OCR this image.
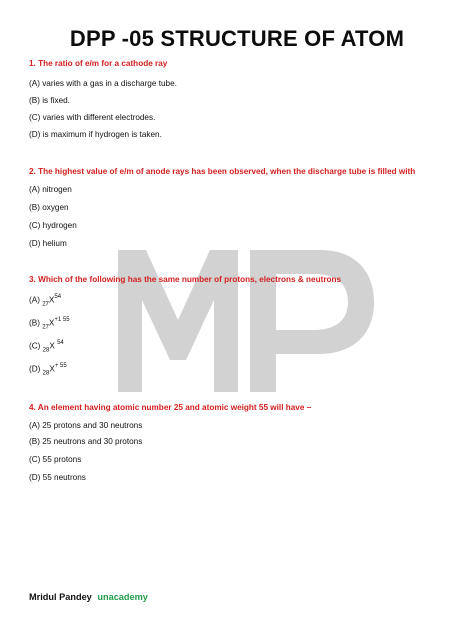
DPP -05 STRUCTURE OF ATOM
1. The ratio of e/m for a cathode ray
(A) varies with a gas in a discharge tube.
(B) is fixed.
(C) varies with different electrodes.
(D) is maximum if hydrogen is taken.
2. The highest value of e/m of anode rays has been observed, when the discharge tube is filled with
(A) nitrogen
(B) oxygen
(C) hydrogen
(D) helium
3. Which of the following has the same number of protons, electrons & neutrons
(A) $_{27}X^{54}$
(B) $_{27}X^{+1 55}$
(C) $_{28}$X $^{54}$
(D) $_{28}X^{+ 55}$
4. An element having atomic number 25 and atomic weight 55 will have –
(A) 25 protons and 30 neutrons
(B) 25 neutrons and 30 protons
(C) 55 protons
(D) 55 neutrons
Mridul Pandey unacademy
